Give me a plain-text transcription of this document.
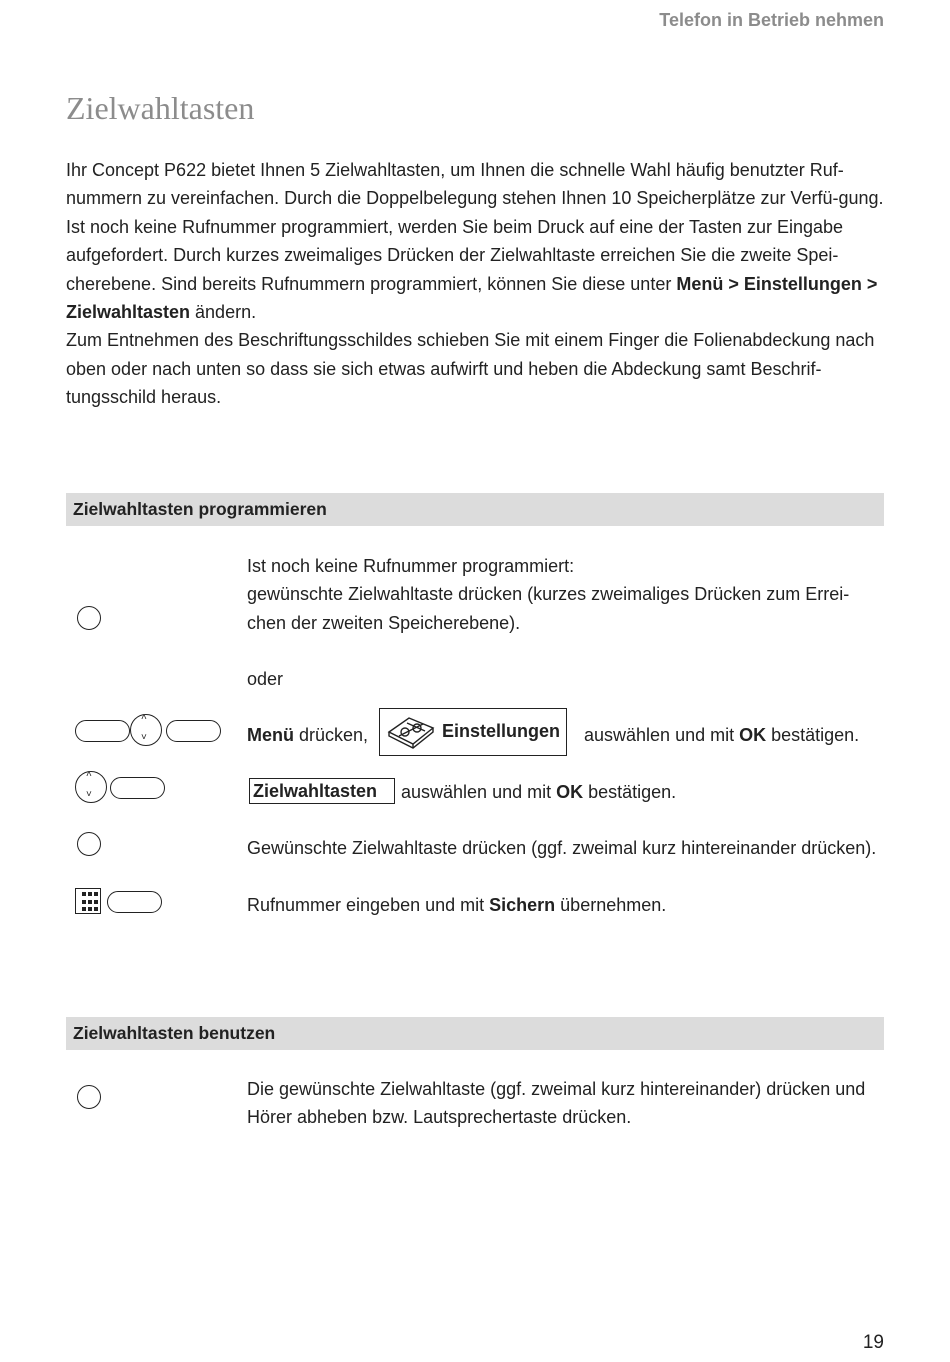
Telefon in Betrieb nehmen
Zielwahltasten

Ihr Concept P622 bietet Ihnen 5 Zielwahltasten, um Ihnen die schnelle Wahl häufig benutzter Ruf-nummern zu vereinfachen. Durch die Doppelbelegung stehen Ihnen 10 Speicherplätze zur Verfü-gung.

Ist noch keine Rufnummer programmiert, werden Sie beim Druck auf eine der Tasten zur Eingabe aufgefordert. Durch kurzes zweimaliges Drücken der Zielwahltaste erreichen Sie die zweite Spei-cherebene. Sind bereits Rufnummern programmiert, können Sie diese unter Menü > Einstellungen > Zielwahltasten ändern.

Zum Entnehmen des Beschriftungsschildes schieben Sie mit einem Finger die Folienabdeckung nach oben oder nach unten so dass sie sich etwas aufwirft und heben die Abdeckung samt Beschrif-tungsschild heraus.

Zielwahltasten programmieren
Ist noch keine Rufnummer programmiert:
gewünschte Zielwahltaste drücken (kurzes zweimaliges Drücken zum Errei-chen der zweiten Speicherebene).
oder
˄ ˅
Menü drücken,	Einstellungen auswählen und mit OK bestätigen.
˄ ˅
Zielwahltasten	auswählen und mit OK bestätigen.
Gewünschte Zielwahltaste drücken (ggf. zweimal kurz hintereinander drücken).
Rufnummer eingeben und mit Sichern übernehmen.
Zielwahltasten benutzen
Die gewünschte Zielwahltaste (ggf. zweimal kurz hintereinander) drücken und Hörer abheben bzw. Lautsprechertaste drücken.
19
